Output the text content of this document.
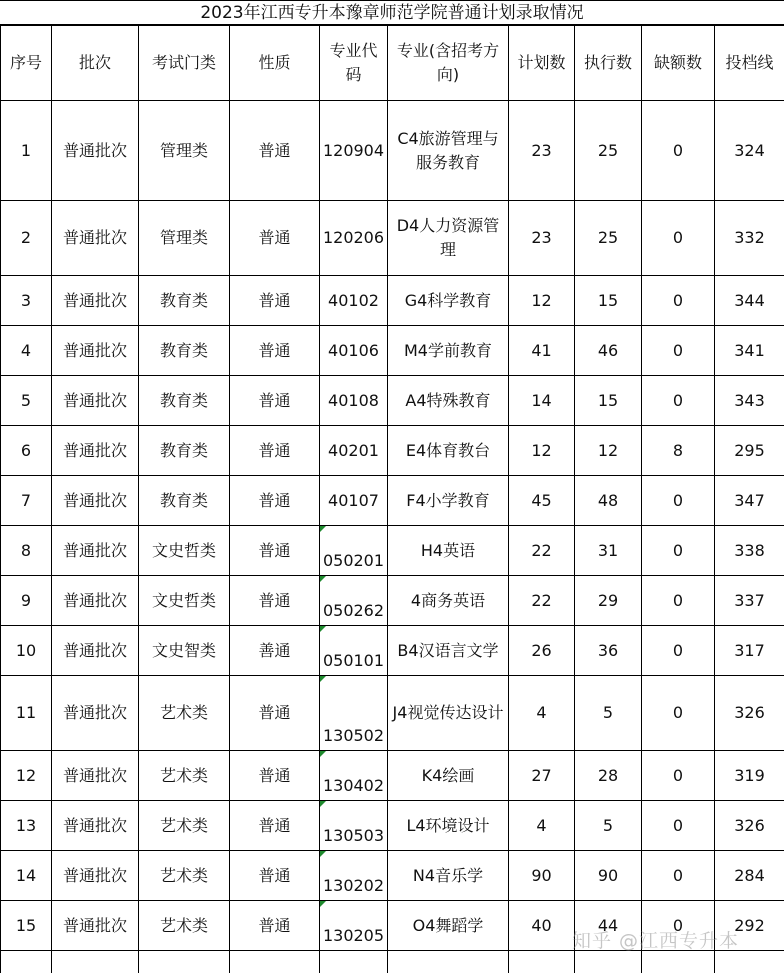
2023年江西专升本豫章师范学院普通计划录取情况
序号	批次	考试门类	性质	专业代码	专业(含招考方向)	计划数	执行数	缺额数	投档线
1	普通批次	管理类	普通	120904	C4旅游管理与服务教育	23	25	0	324
2	普通批次	管理类	普通	120206	D4人力资源管理	23	25	0	332
3	普通批次	教育类	普通	40102	G4科学教育	12	15	0	344
4	普通批次	教育类	普通	40106	M4学前教育	41	46	0	341
5	普通批次	教育类	普通	40108	A4特殊教育	14	15	0	343
6	普通批次	教育类	普通	40201	E4体育教台	12	12	8	295
7	普通批次	教育类	普通	40107	F4小学教育	45	48	0	347
8	普通批次	文史哲类	普通	050201	H4英语	22	31	0	338
9	普通批次	文史哲类	普通	050262	4商务英语	22	29	0	337
10	普通批次	文史智类	善通	050101	B4汉语言文学	26	36	0	317
11	普通批次	艺术类	普通	130502	J4视觉传达设计	4	5	0	326
12	普通批次	艺术类	普通	130402	K4绘画	27	28	0	319
13	普通批次	艺术类	普通	130503	L4环境设计	4	5	0	326
14	普通批次	艺术类	普通	130202	N4音乐学	90	90	0	284
15	普通批次	艺术类	普通	130205	O4舞蹈学	40	44	0	292

知乎 @江西专升本
